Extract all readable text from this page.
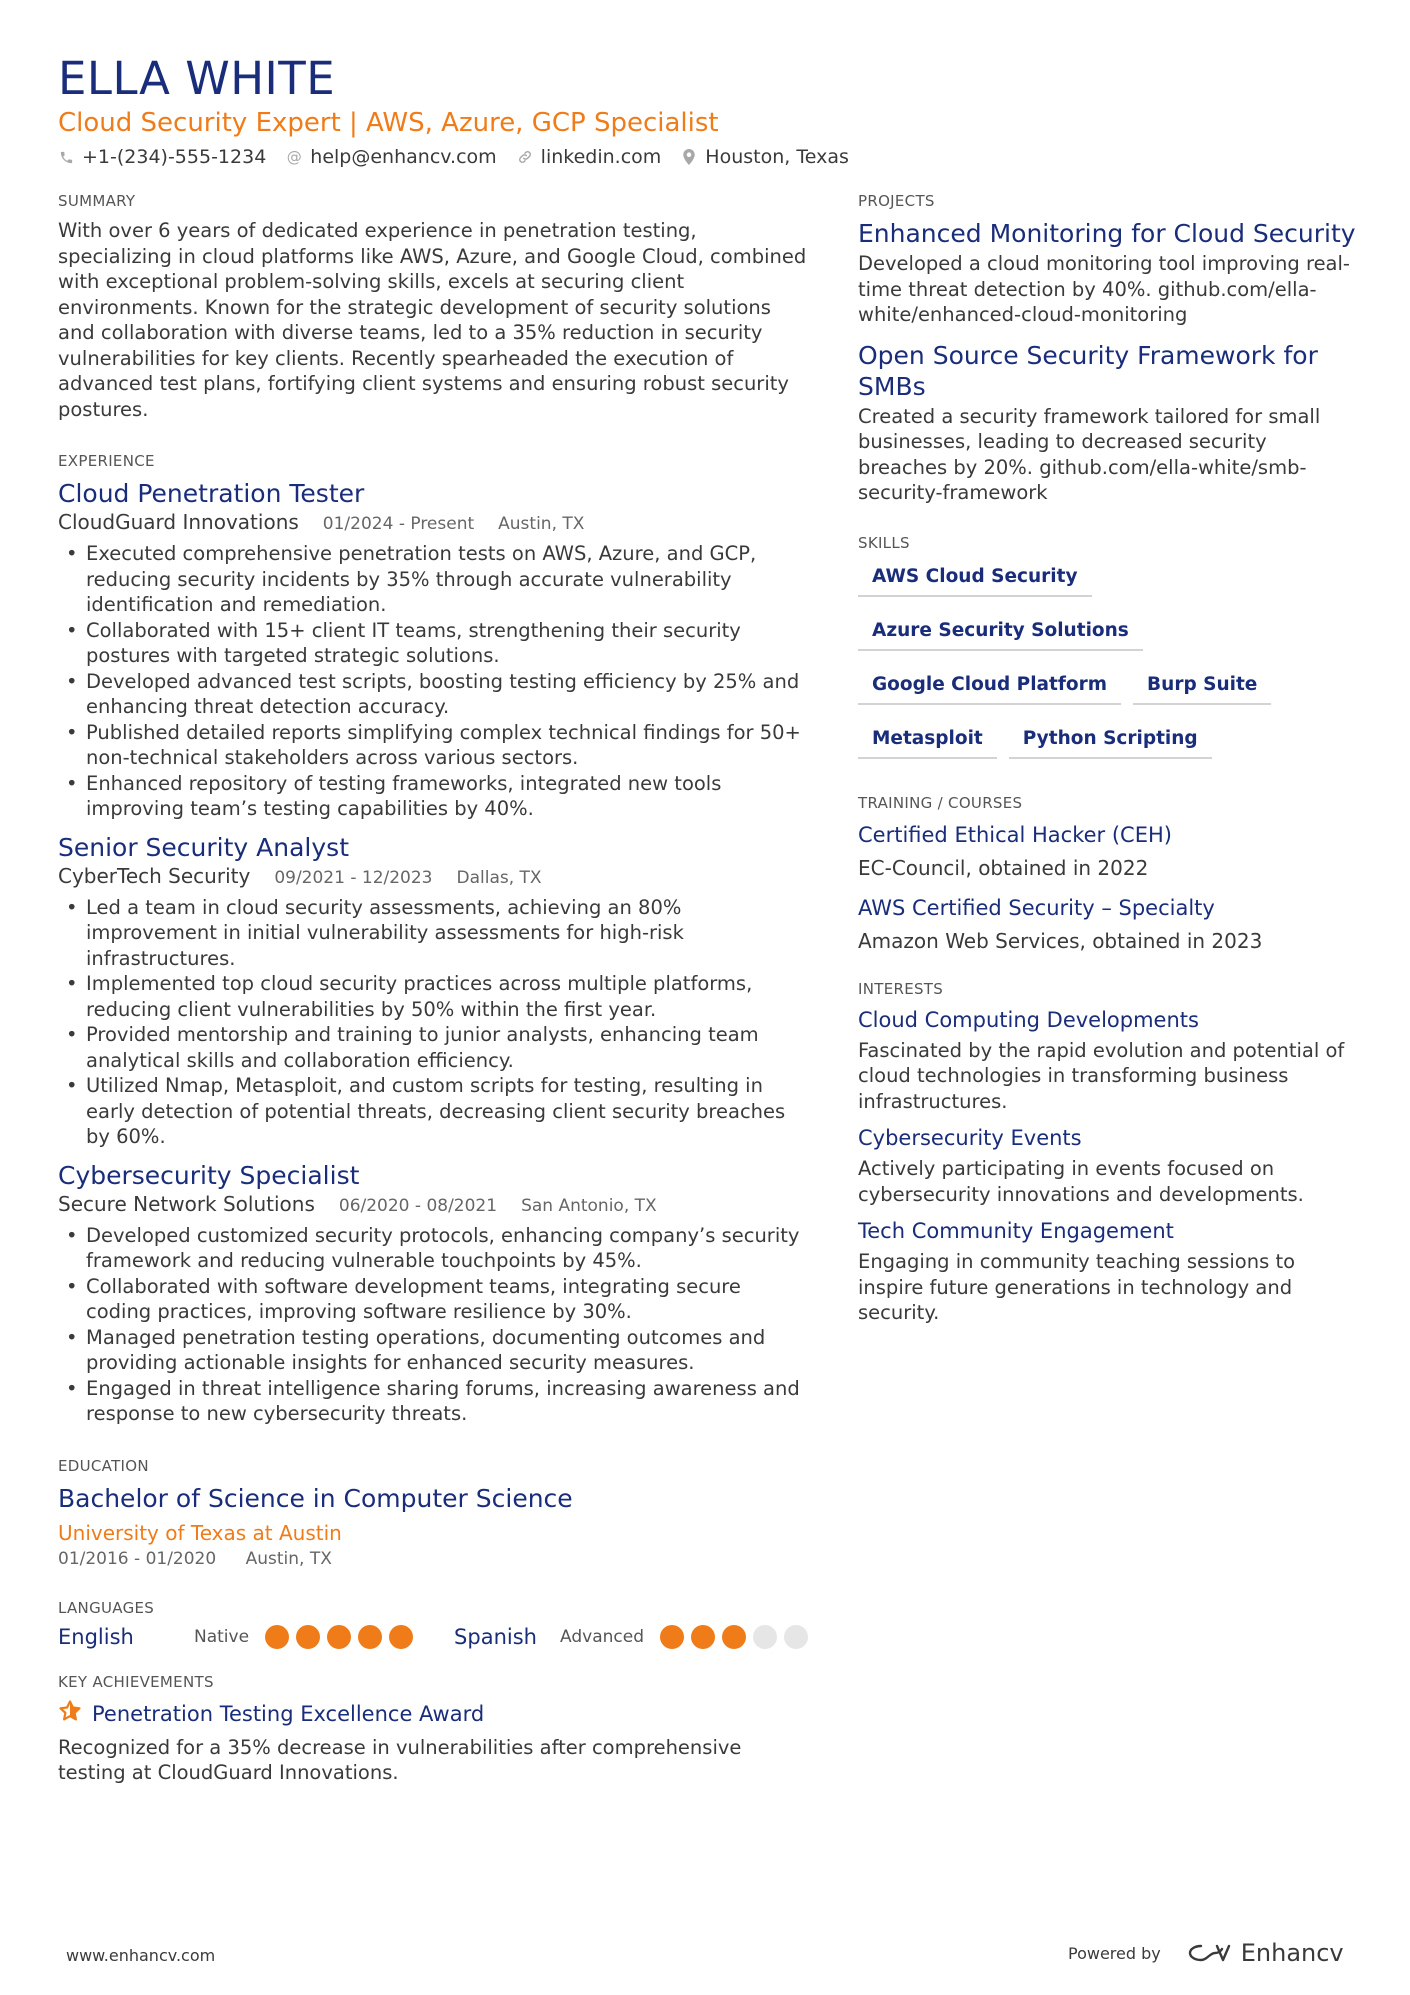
ELLA WHITE
Cloud Security Expert | AWS, Azure, GCP Specialist
+1-(234)-555-1234 @ help@enhancv.com linkedin.com Houston, Texas
SUMMARY
With over 6 years of dedicated experience in penetration testing, specializing in cloud platforms like AWS, Azure, and Google Cloud, combined with exceptional problem-solving skills, excels at securing client environments. Known for the strategic development of security solutions and collaboration with diverse teams, led to a 35% reduction in security vulnerabilities for key clients. Recently spearheaded the execution of advanced test plans, fortifying client systems and ensuring robust security postures.
EXPERIENCE
Cloud Penetration Tester
CloudGuard Innovations 01/2024 - Present Austin, TX
• Executed comprehensive penetration tests on AWS, Azure, and GCP, reducing security incidents by 35% through accurate vulnerability identification and remediation.
• Collaborated with 15+ client IT teams, strengthening their security postures with targeted strategic solutions.
• Developed advanced test scripts, boosting testing efficiency by 25% and enhancing threat detection accuracy.
• Published detailed reports simplifying complex technical findings for 50+ non-technical stakeholders across various sectors.
• Enhanced repository of testing frameworks, integrated new tools improving team’s testing capabilities by 40%.
Senior Security Analyst
CyberTech Security 09/2021 - 12/2023 Dallas, TX
• Led a team in cloud security assessments, achieving an 80% improvement in initial vulnerability assessments for high-risk infrastructures.
• Implemented top cloud security practices across multiple platforms, reducing client vulnerabilities by 50% within the first year.
• Provided mentorship and training to junior analysts, enhancing team analytical skills and collaboration efficiency.
• Utilized Nmap, Metasploit, and custom scripts for testing, resulting in early detection of potential threats, decreasing client security breaches by 60%.
Cybersecurity Specialist
Secure Network Solutions 06/2020 - 08/2021 San Antonio, TX
• Developed customized security protocols, enhancing company’s security framework and reducing vulnerable touchpoints by 45%.
• Collaborated with software development teams, integrating secure coding practices, improving software resilience by 30%.
• Managed penetration testing operations, documenting outcomes and providing actionable insights for enhanced security measures.
• Engaged in threat intelligence sharing forums, increasing awareness and response to new cybersecurity threats.
EDUCATION
Bachelor of Science in Computer Science
University of Texas at Austin
01/2016 - 01/2020 Austin, TX
LANGUAGES
English	Native	Spanish	Advanced
KEY ACHIEVEMENTS
Penetration Testing Excellence Award
Recognized for a 35% decrease in vulnerabilities after comprehensive testing at CloudGuard Innovations.
PROJECTS
Enhanced Monitoring for Cloud Security
Developed a cloud monitoring tool improving real-time threat detection by 40%. github.com/ella-white/enhanced-cloud-monitoring
Open Source Security Framework for SMBs
Created a security framework tailored for small businesses, leading to decreased security breaches by 20%. github.com/ella-white/smb-security-framework
SKILLS
AWS Cloud Security
Azure Security Solutions
Google Cloud Platform	Burp Suite
Metasploit	Python Scripting
TRAINING / COURSES
Certified Ethical Hacker (CEH)
EC-Council, obtained in 2022
AWS Certified Security – Specialty
Amazon Web Services, obtained in 2023
INTERESTS
Cloud Computing Developments
Fascinated by the rapid evolution and potential of cloud technologies in transforming business infrastructures.
Cybersecurity Events
Actively participating in events focused on cybersecurity innovations and developments.
Tech Community Engagement
Engaging in community teaching sessions to inspire future generations in technology and security.
www.enhancv.com	Powered by	Enhancv
